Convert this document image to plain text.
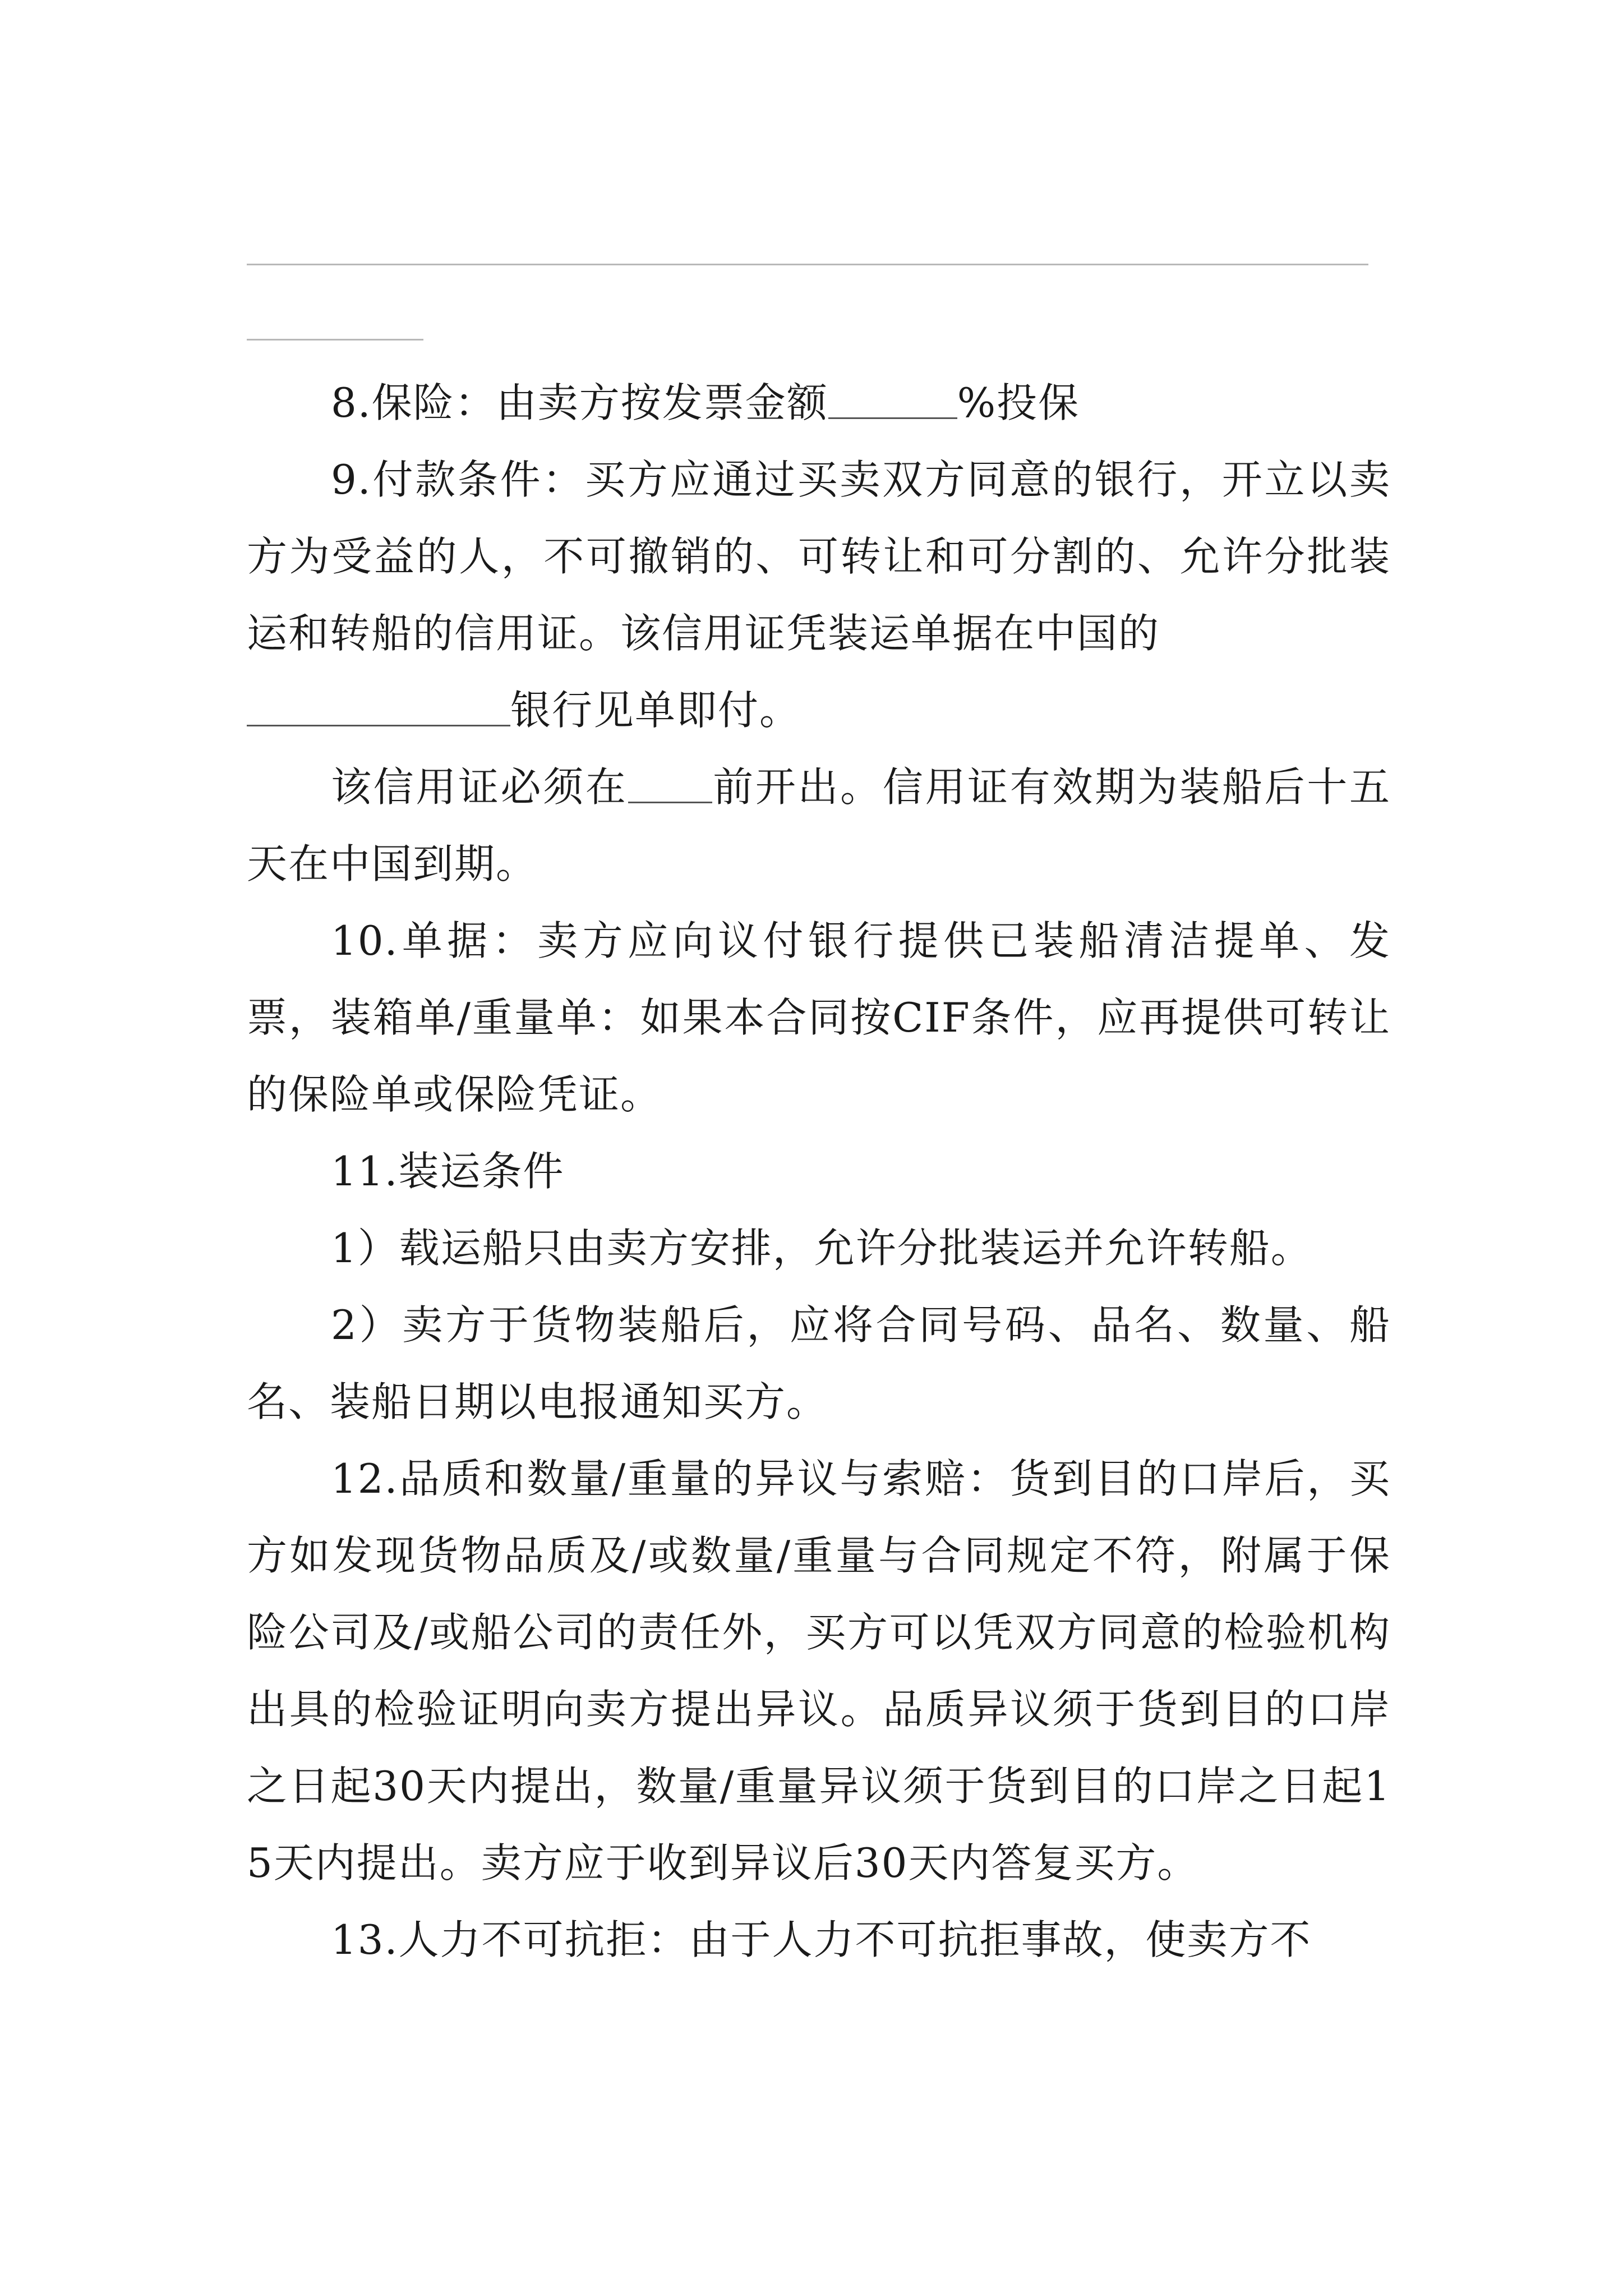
8.保险：由卖方按发票金额	%投保

9.付款条件：买方应通过买卖双方同意的银行，开立以卖方为受益的人，不可撤销的、可转让和可分割的、允许分批装运和转船的信用证。该信用证凭装运单据在中国的
银行见单即付。

该信用证必须在 前开出。信用证有效期为装船后十五天在中国到期。

10.单据：卖方应向议付银行提供已装船清洁提单、发票，装箱单/重量单：如果本合同按CIF条件，应再提供可转让的保险单或保险凭证。

11.装运条件

1）载运船只由卖方安排，允许分批装运并允许转船。

2）卖方于货物装船后，应将合同号码、品名、数量、船名、装船日期以电报通知买方。

12.品质和数量/重量的异议与索赔：货到目的口岸后，买方如发现货物品质及/或数量/重量与合同规定不符，附属于保险公司及/或船公司的责任外，买方可以凭双方同意的检验机构出具的检验证明向卖方提出异议。品质异议须于货到目的口岸之日起30天内提出，数量/重量异议须于货到目的口岸之日起15天内提出。卖方应于收到异议后30天内答复买方。

13.人力不可抗拒：由于人力不可抗拒事故，使卖方不
